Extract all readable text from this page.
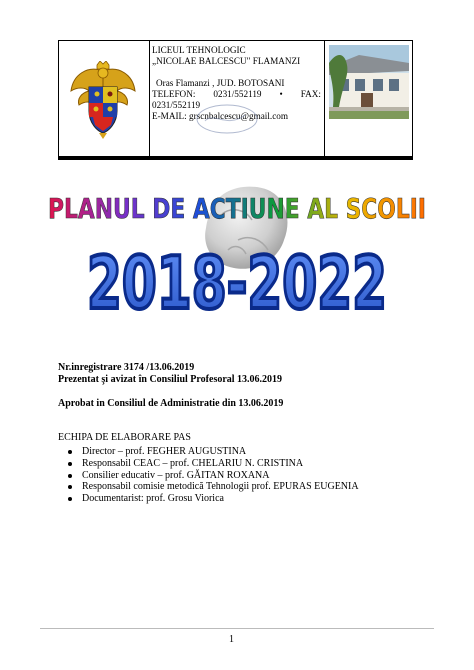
LICEUL TEHNOLOGIC
„NICOLAE BALCESCU" FLAMANZI
Oras Flamanzi , JUD. BOTOSANI
TELEFON: 0231/552119 • FAX:
0231/552119
E-MAIL: grscnbalcescu@gmail.com
PLANUL DE ACTIUNE AL SCOLII
2018-2022
Nr.inregistrare 3174 /13.06.2019
Prezentat şi avizat în Consiliul Profesoral 13.06.2019
Aprobat in Consiliul de Administratie din 13.06.2019
ECHIPA DE ELABORARE PAS
Director – prof. FEGHER AUGUSTINA
Responsabil CEAC – prof. CHELARIU N. CRISTINA
Consilier educativ – prof. GĂITAN ROXANA
Responsabil comisie metodică Tehnologii prof. EPURAS EUGENIA
Documentarist: prof. Grosu Viorica
1
